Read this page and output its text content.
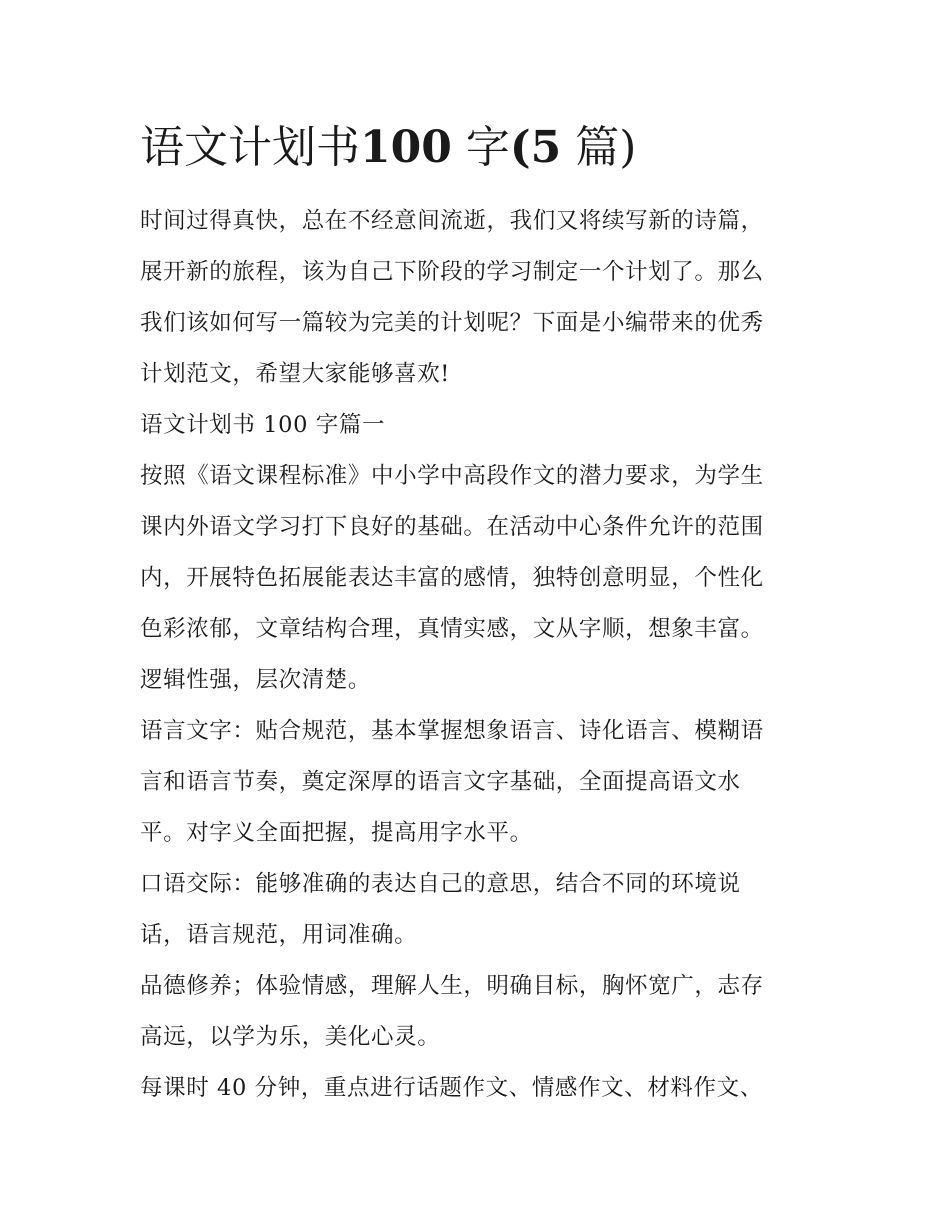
语文计划书100 字(5 篇)
时间过得真快，总在不经意间流逝，我们又将续写新的诗篇，
展开新的旅程，该为自己下阶段的学习制定一个计划了。那么
我们该如何写一篇较为完美的计划呢？下面是小编带来的优秀
计划范文，希望大家能够喜欢!
语文计划书 100 字篇一
按照《语文课程标准》中小学中高段作文的潜力要求，为学生
课内外语文学习打下良好的基础。在活动中心条件允许的范围
内，开展特色拓展能表达丰富的感情，独特创意明显，个性化
色彩浓郁，文章结构合理，真情实感，文从字顺，想象丰富。
逻辑性强，层次清楚。
语言文字：贴合规范，基本掌握想象语言、诗化语言、模糊语
言和语言节奏，奠定深厚的语言文字基础，全面提高语文水
平。对字义全面把握，提高用字水平。
口语交际：能够准确的表达自己的意思，结合不同的环境说
话，语言规范，用词准确。
品德修养；体验情感，理解人生，明确目标，胸怀宽广，志存
高远，以学为乐，美化心灵。
每课时 40 分钟，重点进行话题作文、情感作文、材料作文、
